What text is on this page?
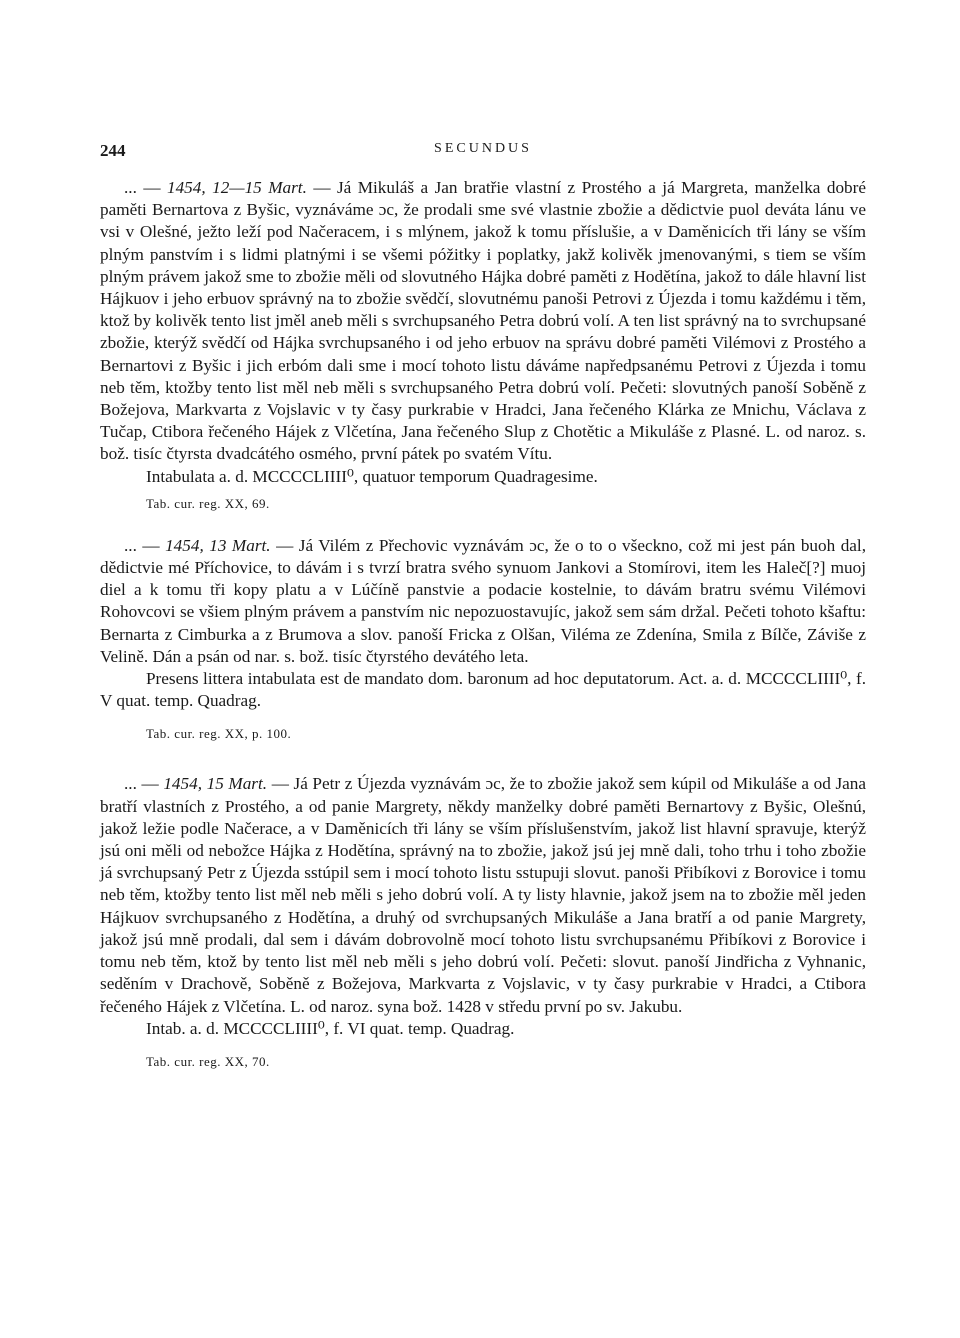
244	SECUNDUS

... — 1454, 12—15 Mart. — Já Mikuláš a Jan bratřie vlastní z Prostého a já Margreta, manželka dobré paměti Bernartova z Byšic, vyznáváme ɔc, že prodali sme své vlastnie zbožie a dědictvie puol deváta lánu ve vsi v Olešné, ježto leží pod Načeracem, i s mlýnem, jakož k tomu příslušie, a v Daměnicích tři lány se vším plným panstvím i s lidmi platnými i se všemi póžitky i poplatky, jakž kolivěk jmenovanými, s tiem se vším plným právem jakož sme to zbožie měli od slovutného Hájka dobré paměti z Hodětína, jakož to dále hlavní list Hájkuov i jeho erbuov správný na to zbožie svědčí, slovutnému panoši Petrovi z Újezda i tomu každému i těm, ktož by kolivěk tento list jměl aneb měli s svrchupsaného Petra dobrú volí. A ten list správný na to svrchupsané zbožie, kterýž svědčí od Hájka svrchupsaného i od jeho erbuov na správu dobré paměti Vilémovi z Prostého a Bernartovi z Byšic i jich erbóm dali sme i mocí tohoto listu dáváme napředpsanému Petrovi z Újezda i tomu neb těm, ktožby tento list měl neb měli s svrchupsaného Petra dobrú volí. Pečeti: slovutných panoší Soběně z Božejova, Markvarta z Vojslavic v ty časy purkrabie v Hradci, Jana řečeného Klárka ze Mnichu, Václava z Tučap, Ctibora řečeného Hájek z Vlčetína, Jana řečeného Slup z Chotětic a Mikuláše z Plasné. L. od naroz. s. bož. tisíc čtyrsta dvadcátého osmého, první pátek po svatém Vítu.

Intabulata a. d. MCCCCLIIII⁰, quatuor temporum Quadragesime.

Tab. cur. reg. XX, 69.

... — 1454, 13 Mart. — Já Vilém z Přechovic vyznávám ɔc, že o to o všeckno, což mi jest pán buoh dal, dědictvie mé Příchovice, to dávám i s tvrzí bratra svého synuom Jankovi a Stomírovi, item les Haleč[?] muoj diel a k tomu tři kopy platu a v Lúčíně panstvie a podacie kostelnie, to dávám bratru svému Vilémovi Rohovcovi se všiem plným právem a panstvím nic nepozuostavujíc, jakož sem sám držal. Pečeti tohoto kšaftu: Bernarta z Cimburka a z Brumova a slov. panoší Fricka z Olšan, Viléma ze Zdenína, Smila z Bílče, Záviše z Velině. Dán a psán od nar. s. bož. tisíc čtyrstého devátého leta.

Presens littera intabulata est de mandato dom. baronum ad hoc deputatorum. Act. a. d. MCCCCLIIII⁰, f. V quat. temp. Quadrag.

Tab. cur. reg. XX, p. 100.

... — 1454, 15 Mart. — Já Petr z Újezda vyznávám ɔc, že to zbožie jakož sem kúpil od Mikuláše a od Jana bratří vlastních z Prostého, a od panie Margrety, někdy manželky dobré paměti Bernartovy z Byšic, Olešnú, jakož ležie podle Načerace, a v Daměnicích tři lány se vším příslušenstvím, jakož list hlavní spravuje, kterýž jsú oni měli od nebožce Hájka z Hodětína, správný na to zbožie, jakož jsú jej mně dali, toho trhu i toho zbožie já svrchupsaný Petr z Újezda sstúpil sem i mocí tohoto listu sstupuji slovut. panoši Přibíkovi z Borovice i tomu neb těm, ktožby tento list měl neb měli s jeho dobrú volí. A ty listy hlavnie, jakož jsem na to zbožie měl jeden Hájkuov svrchupsaného z Hodětína, a druhý od svrchupsaných Mikuláše a Jana bratří a od panie Margrety, jakož jsú mně prodali, dal sem i dávám dobrovolně mocí tohoto listu svrchupsanému Přibíkovi z Borovice i tomu neb těm, ktož by tento list měl neb měli s jeho dobrú volí. Pečeti: slovut. panoší Jindřicha z Vyhnanic, seděním v Drachově, Soběně z Božejova, Markvarta z Vojslavic, v ty časy purkrabie v Hradci, a Ctibora řečeného Hájek z Vlčetína. L. od naroz. syna bož. 1428 v středu první po sv. Jakubu.

Intab. a. d. MCCCCLIIII⁰, f. VI quat. temp. Quadrag.

Tab. cur. reg. XX, 70.
